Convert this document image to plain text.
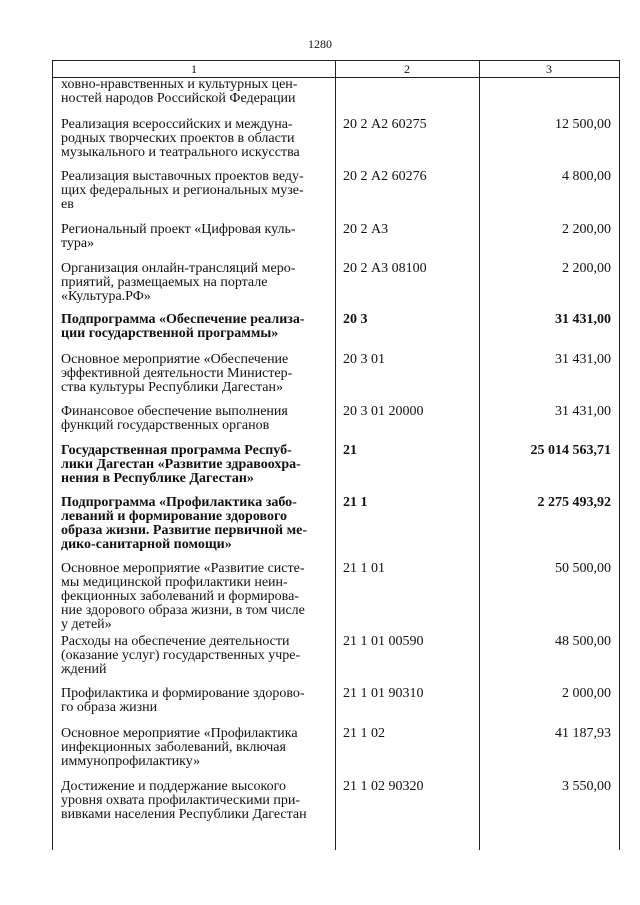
1280
1	2	3
ховно-нравственных и культурных цен-
ностей народов Российской Федерации
Реализация всероссийских и междуна-
родных творческих проектов в области
музыкального и театрального искусства
20 2 А2 60275	12 500,00
Реализация выставочных проектов веду-
щих федеральных и региональных музе-
ев
20 2 А2 60276	4 800,00
Региональный проект «Цифровая куль-
тура»
20 2 А3	2 200,00
Организация онлайн-трансляций меро-
приятий, размещаемых на портале
«Культура.РФ»
20 2 А3 08100	2 200,00
Подпрограмма «Обеспечение реализа-
ции государственной программы»
20 3	31 431,00
Основное мероприятие «Обеспечение
эффективной деятельности Министер-
ства культуры Республики Дагестан»
20 3 01	31 431,00
Финансовое обеспечение выполнения
функций государственных органов
20 3 01 20000	31 431,00
Государственная программа Респуб-
лики Дагестан «Развитие здравоохра-
нения в Республике Дагестан»
21	25 014 563,71
Подпрограмма «Профилактика забо-
леваний и формирование здорового
образа жизни. Развитие первичной ме-
дико-санитарной помощи»
21 1	2 275 493,92
Основное мероприятие «Развитие систе-
мы медицинской профилактики неин-
фекционных заболеваний и формирова-
ние здорового образа жизни, в том числе
у детей»
21 1 01	50 500,00
Расходы на обеспечение деятельности
(оказание услуг) государственных учре-
ждений
21 1 01 00590	48 500,00
Профилактика и формирование здорово-
го образа жизни
21 1 01 90310	2 000,00
Основное мероприятие «Профилактика
инфекционных заболеваний, включая
иммунопрофилактику»
21 1 02	41 187,93
Достижение и поддержание высокого
уровня охвата профилактическими при-
вивками населения Республики Дагестан
21 1 02 90320	3 550,00
